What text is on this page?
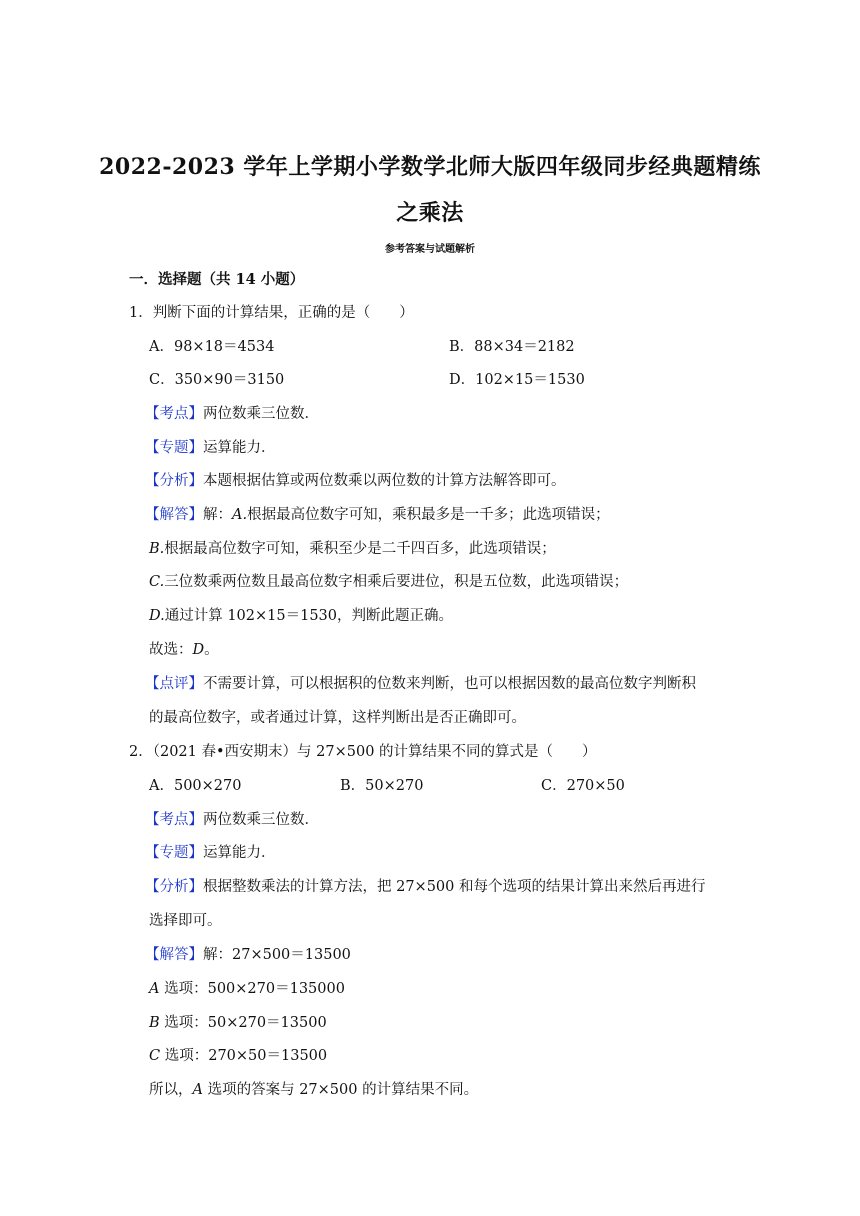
2022-2023 学年上学期小学数学北师大版四年级同步经典题精练
之乘法
参考答案与试题解析
一．选择题（共 14 小题）
1．判断下面的计算结果，正确的是（　　）
A．98×18＝4534	B．88×34＝2182
C．350×90＝3150	D．102×15＝1530
【考点】两位数乘三位数．
【专题】运算能力．
【分析】本题根据估算或两位数乘以两位数的计算方法解答即可。
【解答】解：A.根据最高位数字可知，乘积最多是一千多；此选项错误；
B.根据最高位数字可知，乘积至少是二千四百多，此选项错误；
C.三位数乘两位数且最高位数字相乘后要进位，积是五位数，此选项错误；
D.通过计算 102×15＝1530，判断此题正确。
故选：D。
【点评】不需要计算，可以根据积的位数来判断，也可以根据因数的最高位数字判断积
的最高位数字，或者通过计算，这样判断出是否正确即可。
2．（2021 春•西安期末）与 27×500 的计算结果不同的算式是（　　）
A．500×270	B．50×270	C．270×50
【考点】两位数乘三位数．
【专题】运算能力．
【分析】根据整数乘法的计算方法，把 27×500 和每个选项的结果计算出来然后再进行
选择即可。
【解答】解：27×500＝13500
A 选项：500×270＝135000
B 选项：50×270＝13500
C 选项：270×50＝13500
所以，A 选项的答案与 27×500 的计算结果不同。
